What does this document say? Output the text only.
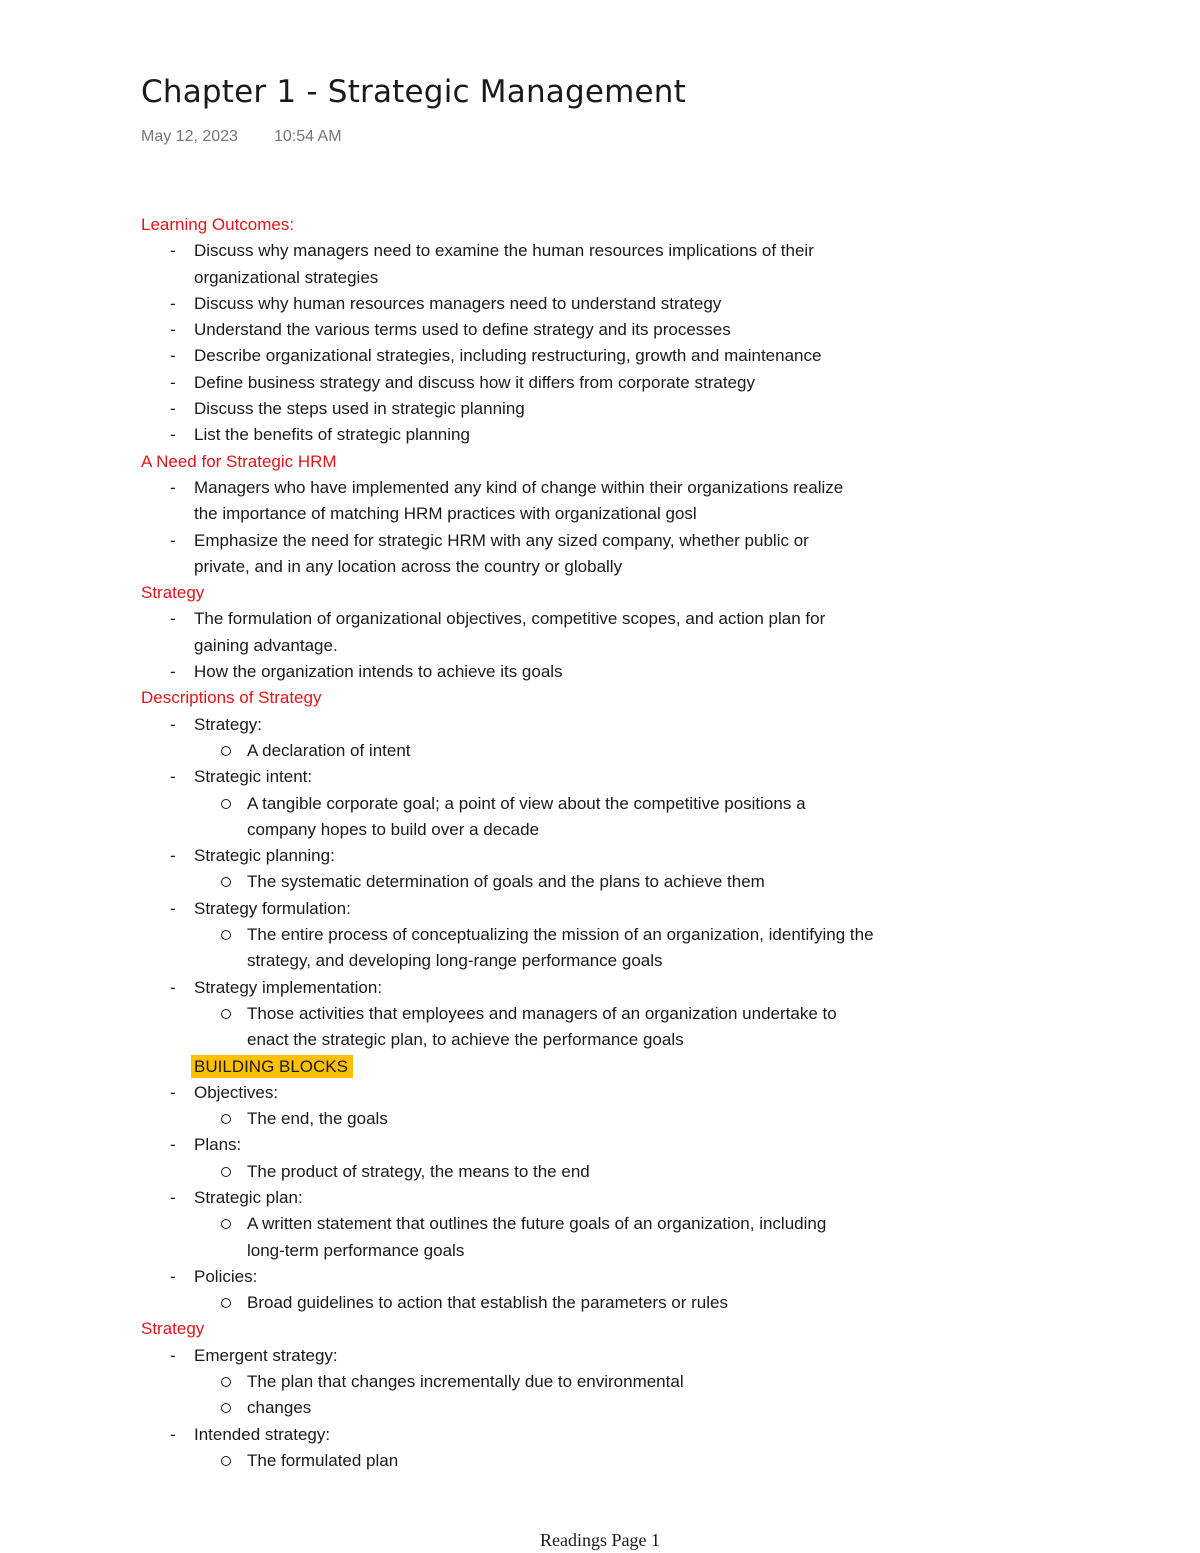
Chapter 1 - Strategic Management
May 12, 2023 10:54 AM
Learning Outcomes:
- Discuss why managers need to examine the human resources implications of their
organizational strategies
- Discuss why human resources managers need to understand strategy
- Understand the various terms used to define strategy and its processes
- Describe organizational strategies, including restructuring, growth and maintenance
- Define business strategy and discuss how it differs from corporate strategy
- Discuss the steps used in strategic planning
- List the benefits of strategic planning
A Need for Strategic HRM
- Managers who have implemented any kind of change within their organizations realize
the importance of matching HRM practices with organizational gosl
- Emphasize the need for strategic HRM with any sized company, whether public or
private, and in any location across the country or globally
Strategy
- The formulation of organizational objectives, competitive scopes, and action plan for
gaining advantage.
- How the organization intends to achieve its goals
Descriptions of Strategy
- Strategy:
A declaration of intent
- Strategic intent:
A tangible corporate goal; a point of view about the competitive positions a
company hopes to build over a decade
- Strategic planning:
The systematic determination of goals and the plans to achieve them
- Strategy formulation:
The entire process of conceptualizing the mission of an organization, identifying the
strategy, and developing long-range performance goals
- Strategy implementation:
Those activities that employees and managers of an organization undertake to
enact the strategic plan, to achieve the performance goals
BUILDING BLOCKS
- Objectives:
The end, the goals
- Plans:
The product of strategy, the means to the end
- Strategic plan:
A written statement that outlines the future goals of an organization, including
long-term performance goals
- Policies:
Broad guidelines to action that establish the parameters or rules
Strategy
- Emergent strategy:
The plan that changes incrementally due to environmental
changes
- Intended strategy:
The formulated plan
Readings Page 1
